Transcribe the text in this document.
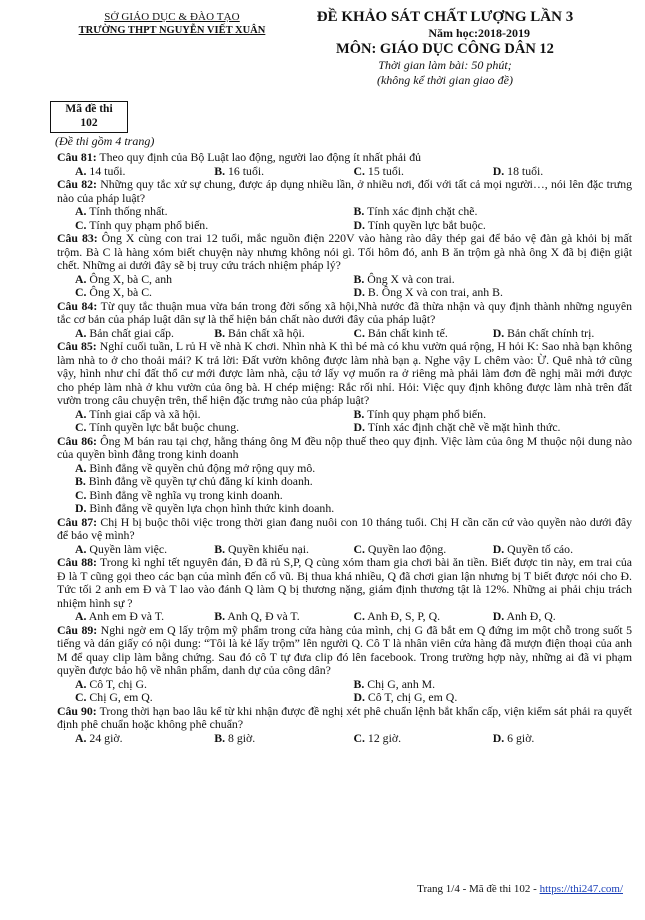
SỞ GIÁO DỤC & ĐÀO TẠO
TRƯỜNG THPT NGUYỄN VIẾT XUÂN
ĐỀ KHẢO SÁT CHẤT LƯỢNG LẦN 3
Năm học:2018-2019
MÔN: GIÁO DỤC CÔNG DÂN 12
Thời gian làm bài: 50 phút;
(không kể thời gian giao đề)
Mã đề thi
102
(Đề thi gồm 4 trang)

Câu 81: Theo quy định của Bộ Luật lao động, người lao động ít nhất phải đủ

A. 14 tuổi.	B. 16 tuổi.	C. 15 tuổi.	D. 18 tuổi.

Câu 82: Những quy tắc xử sự chung, được áp dụng nhiều lần, ở nhiều nơi, đối với tất cả mọi người…, nói lên đặc trưng nào của pháp luật?

A. Tính thống nhất.	B. Tính xác định chặt chẽ.
C. Tính quy phạm phổ biến.	D. Tính quyền lực bắt buộc.

Câu 83: Ông X cùng con trai 12 tuổi, mắc nguồn điện 220V vào hàng rào dây thép gai để bảo vệ đàn gà khỏi bị mất trộm. Bà C là hàng xóm biết chuyện này nhưng không nói gì. Tối hôm đó, anh B ăn trộm gà nhà ông X đã bị điện giật chết. Những ai dưới đây sẽ bị truy cứu trách nhiệm pháp lý?

A. Ông X, bà C, anh	B. Ông X và con trai.
C. Ông X, bà C.	D. B. Ông X và con trai, anh B.

Câu 84: Từ quy tắc thuận mua vừa bán trong đời sống xã hội,Nhà nước đã thừa nhận và quy định thành những nguyên tắc cơ bản của pháp luật dân sự là thể hiện bản chất nào dưới đây của pháp luật?

A. Bản chất giai cấp.	B. Bản chất xã hội.	C. Bản chất kinh tế.	D. Bản chất chính trị.

Câu 85: Nghỉ cuối tuần, L rủ H về nhà K chơi. Nhìn nhà K thì bé mà có khu vườn quá rộng, H hỏi K: Sao nhà bạn không làm nhà to ở cho thoải mái? K trả lời: Đất vườn không được làm nhà bạn ạ. Nghe vậy L chêm vào: Ừ. Quê nhà tớ cũng vậy, hình như chỉ đất thổ cư mới được làm nhà, cậu tớ lấy vợ muốn ra ở riêng mà phải làm đơn đề nghị mãi mới được cho phép làm nhà ở khu vườn của ông bà. H chép miệng: Rắc rối nhỉ. Hỏi: Việc quy định không được làm nhà trên đất vườn trong câu chuyện trên, thể hiện đặc trưng nào của pháp luật?

A. Tính giai cấp và xã hội.	B. Tính quy phạm phổ biến.
C. Tính quyền lực bắt buộc chung.	D. Tính xác định chặt chẽ về mặt hình thức.

Câu 86: Ông M bán rau tại chợ, hằng tháng ông M đều nộp thuế theo quy định. Việc làm của ông M thuộc nội dung nào của quyền bình đẳng trong kinh doanh

A. Bình đẳng về quyền chủ động mở rộng quy mô.
B. Bình đẳng về quyền tự chủ đăng kí kinh doanh.
C. Bình đẳng về nghĩa vụ trong kinh doanh.
D. Bình đẳng về quyền lựa chọn hình thức kinh doanh.

Câu 87: Chị H bị buộc thôi việc trong thời gian đang nuôi con 10 tháng tuổi. Chị H cần căn cứ vào quyền nào dưới đây để bảo vệ mình?

A. Quyền làm việc.	B. Quyền khiếu nại.	C. Quyền lao động.	D. Quyền tố cáo.

Câu 88: Trong kì nghỉ tết nguyên đán, Đ đã rủ S,P, Q cùng xóm tham gia chơi bài ăn tiền. Biết được tin này, em trai của Đ là T cũng gọi theo các bạn của mình đến cổ vũ. Bị thua khá nhiều, Q đã chơi gian lận nhưng bị T biết được nói cho Đ. Tức tối 2 anh em Đ và T lao vào đánh Q làm Q bị thương nặng, giám định thương tật là 12%. Những ai phải chịu trách nhiệm hình sự ?

A. Anh em Đ và T.	B. Anh Q, Đ và T.	C. Anh Đ, S, P, Q.	D. Anh Đ, Q.

Câu 89: Nghi ngờ em Q lấy trộm mỹ phẩm trong cửa hàng của mình, chị G đã bắt em Q đứng im một chỗ trong suốt 5 tiếng và dán giấy có nội dung: “Tôi là kẻ lấy trộm” lên người Q. Cô T là nhân viên cửa hàng đã mượn điện thoại của anh M để quay clip làm bằng chứng. Sau đó cô T tự đưa clip đó lên facebook. Trong trường hợp này, những ai đã vi phạm quyền được bảo hộ về nhân phẩm, danh dự của công dân?

A. Cô T, chị G.	B. Chị G, anh M.
C. Chị G, em Q.	D. Cô T, chị G, em Q.

Câu 90: Trong thời hạn bao lâu kể từ khi nhận được đề nghị xét phê chuẩn lệnh bắt khẩn cấp, viện kiểm sát phải ra quyết định phê chuẩn hoặc không phê chuẩn?

A. 24 giờ.	B. 8 giờ.	C. 12 giờ.	D. 6 giờ.
Trang 1/4 - Mã đề thi 102 - https://thi247.com/
